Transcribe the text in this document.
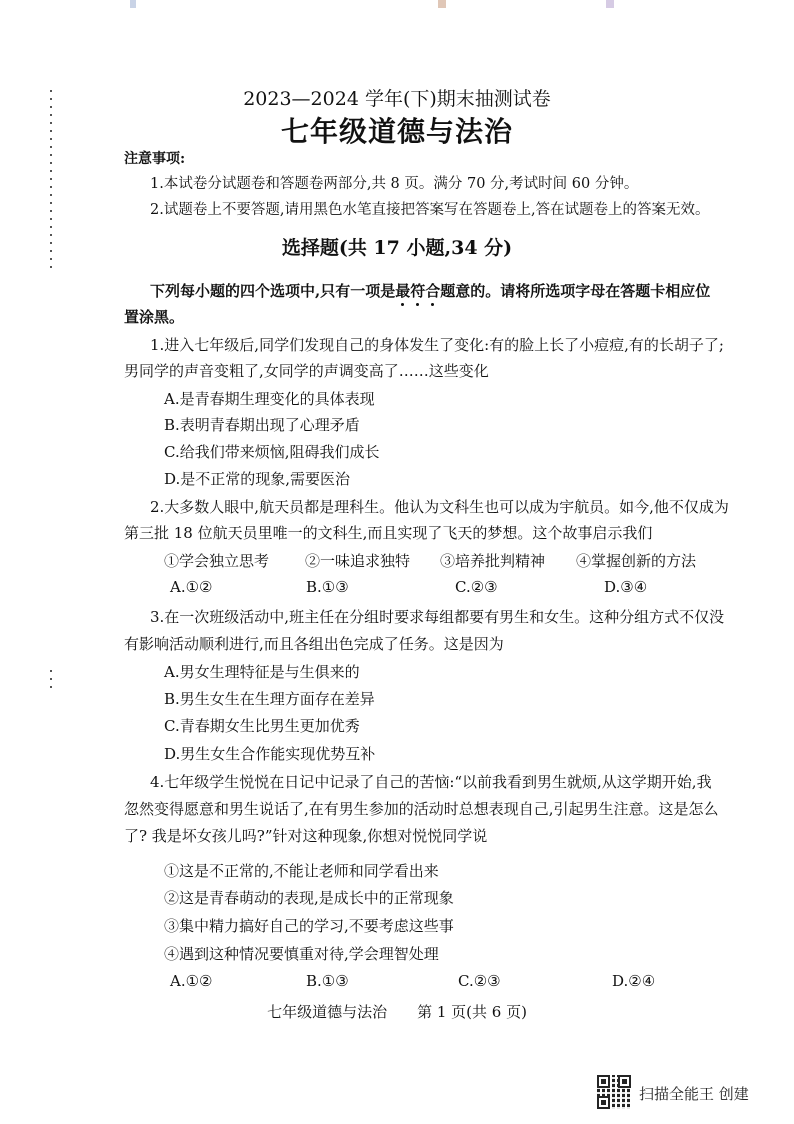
2023—2024 学年(下)期末抽测试卷
七年级道德与法治
注意事项:
1.本试卷分试题卷和答题卷两部分,共 8 页。满分 70 分,考试时间 60 分钟。
2.试题卷上不要答题,请用黑色水笔直接把答案写在答题卷上,答在试题卷上的答案无效。
选择题(共 17 小题,34 分)
下列每小题的四个选项中,只有一项是最符合
题意的。请将所选项字母在答题卡相应位
置涂黑。
1.进入七年级后,同学们发现自己的身体发生了变化:有的脸上长了小痘痘,有的长胡子了;
男同学的声音变粗了,女同学的声调变高了……这些变化
A.是青春期生理变化的具体表现
B.表明青春期出现了心理矛盾
C.给我们带来烦恼,阻碍我们成长
D.是不正常的现象,需要医治
2.大多数人眼中,航天员都是理科生。他认为文科生也可以成为宇航员。如今,他不仅成为
第三批 18 位航天员里唯一的文科生,而且实现了飞天的梦想。这个故事启示我们
①学会独立思考 ②一味追求独特 ③培养批判精神 ④掌握创新的方法
A.①②	B.①③	C.②③	D.③④
3.在一次班级活动中,班主任在分组时要求每组都要有男生和女生。这种分组方式不仅没
有影响活动顺利进行,而且各组出色完成了任务。这是因为
A.男女生理特征是与生俱来的
B.男生女生在生理方面存在差异
C.青春期女生比男生更加优秀
D.男生女生合作能实现优势互补
4.七年级学生悦悦在日记中记录了自己的苦恼:“以前我看到男生就烦,从这学期开始,我
忽然变得愿意和男生说话了,在有男生参加的活动时总想表现自己,引起男生注意。这是怎么
了? 我是坏女孩儿吗?”针对这种现象,你想对悦悦同学说
①这是不正常的,不能让老师和同学看出来
②这是青春萌动的表现,是成长中的正常现象
③集中精力搞好自己的学习,不要考虑这些事
④遇到这种情况要慎重对待,学会理智处理
A.①②	B.①③	C.②③	D.②④
七年级道德与法治　　第 1 页(共 6 页)
扫描全能王 创建
